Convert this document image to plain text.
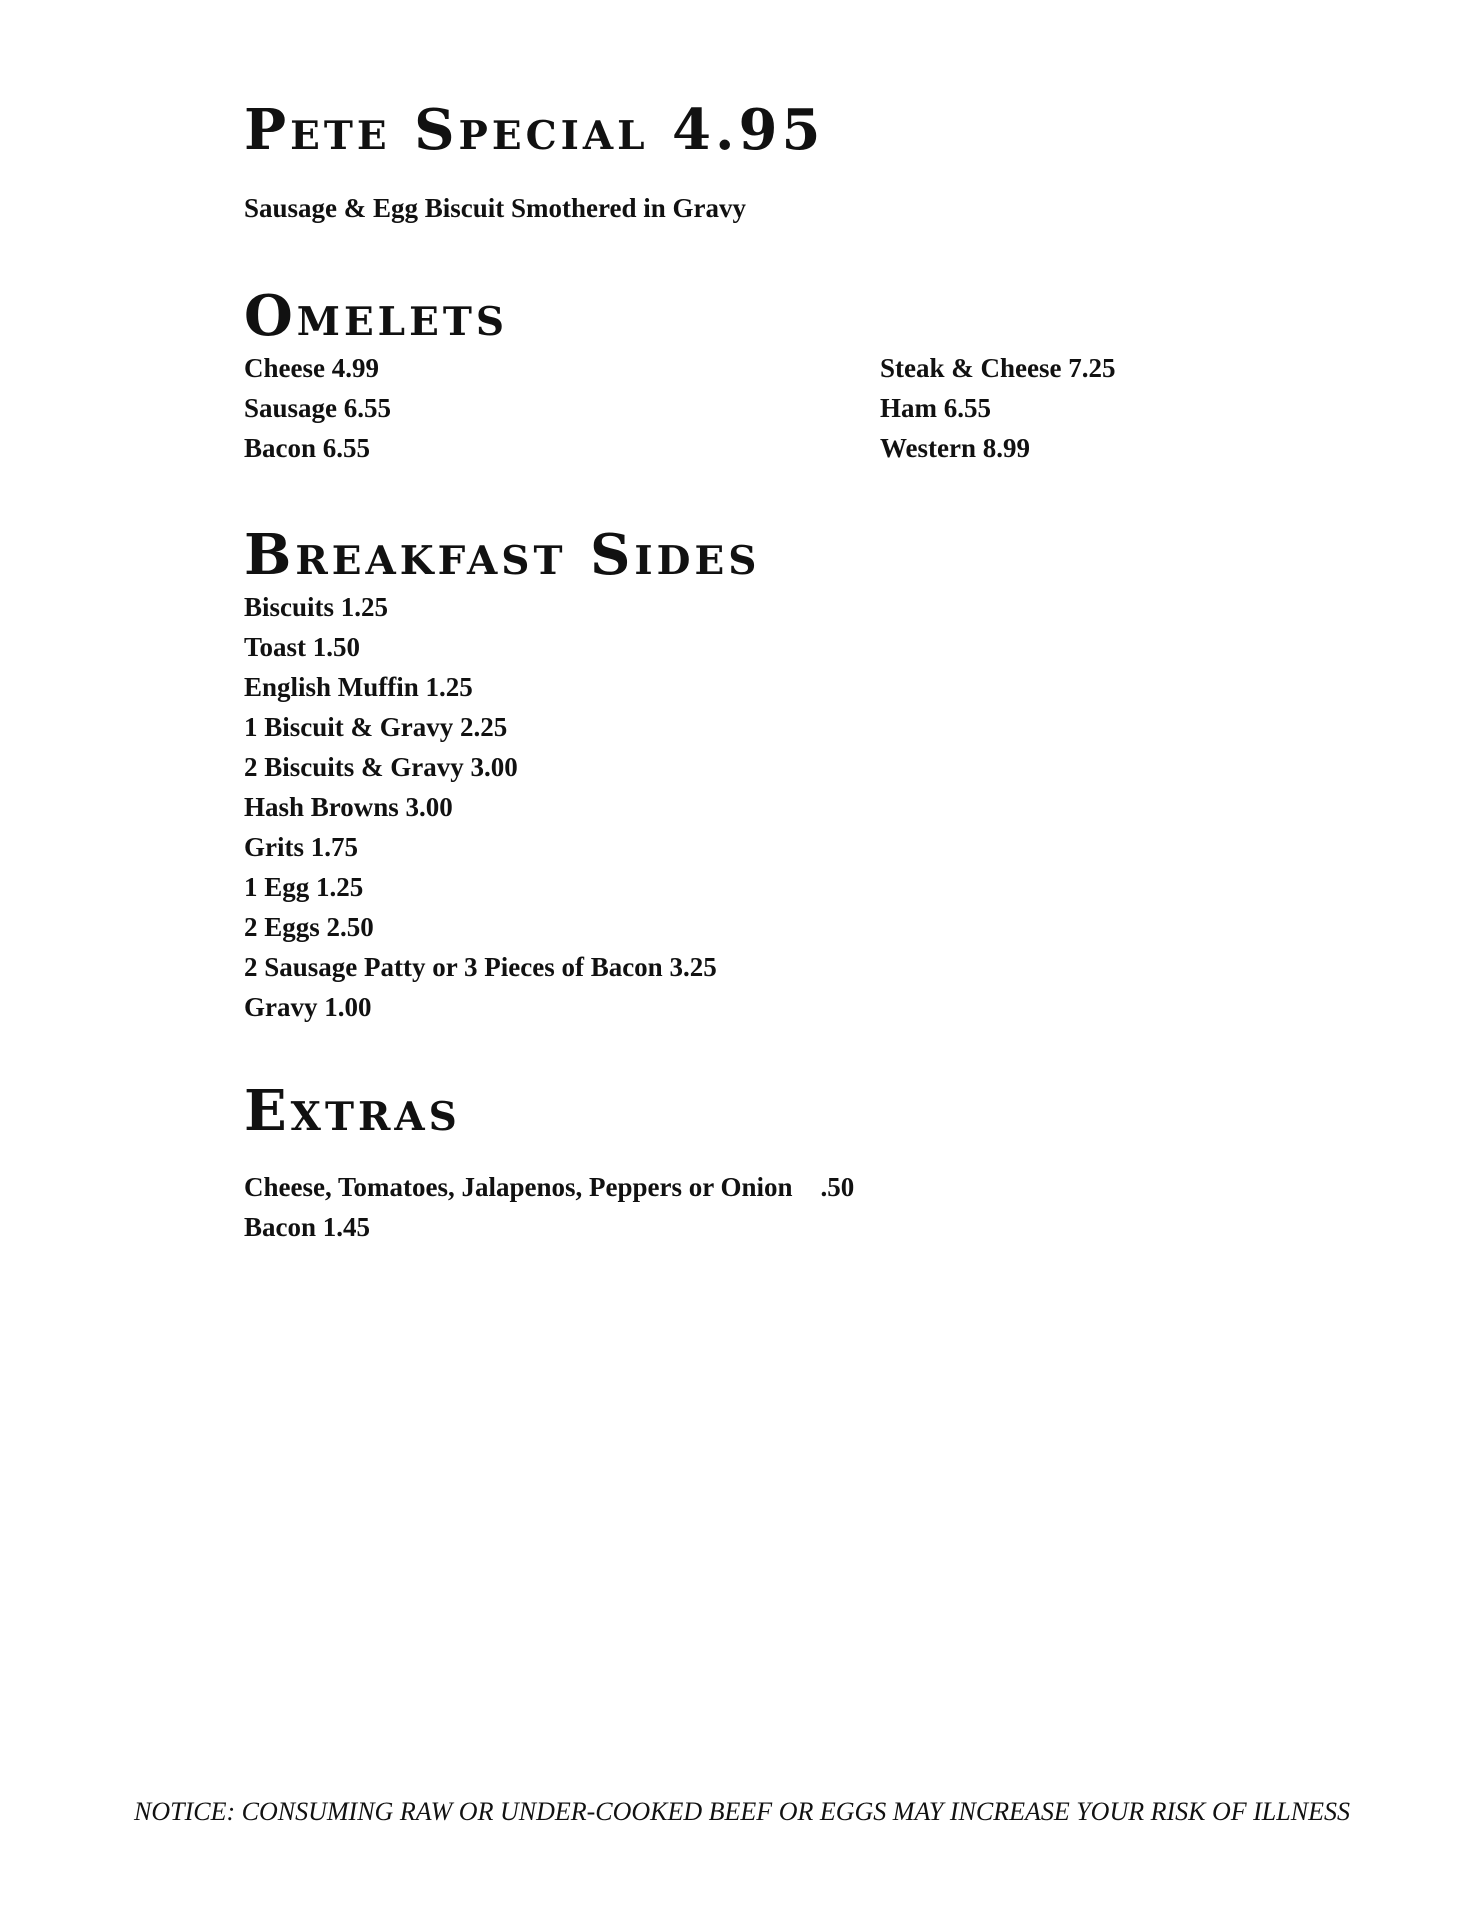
Pete Special 4.95

Sausage & Egg Biscuit Smothered in Gravy

Omelets

Cheese 4.99

Sausage 6.55

Bacon 6.55

Steak & Cheese 7.25

Ham 6.55

Western 8.99

Breakfast Sides

Biscuits 1.25

Toast 1.50

English Muffin 1.25

1 Biscuit & Gravy 2.25

2 Biscuits & Gravy 3.00

Hash Browns 3.00

Grits 1.75

1 Egg 1.25

2 Eggs 2.50

2 Sausage Patty or 3 Pieces of Bacon 3.25

Gravy 1.00

Extras

Cheese, Tomatoes, Jalapenos, Peppers or Onion .50

Bacon 1.45

NOTICE: CONSUMING RAW OR UNDER-COOKED BEEF OR EGGS MAY INCREASE YOUR RISK OF ILLNESS
